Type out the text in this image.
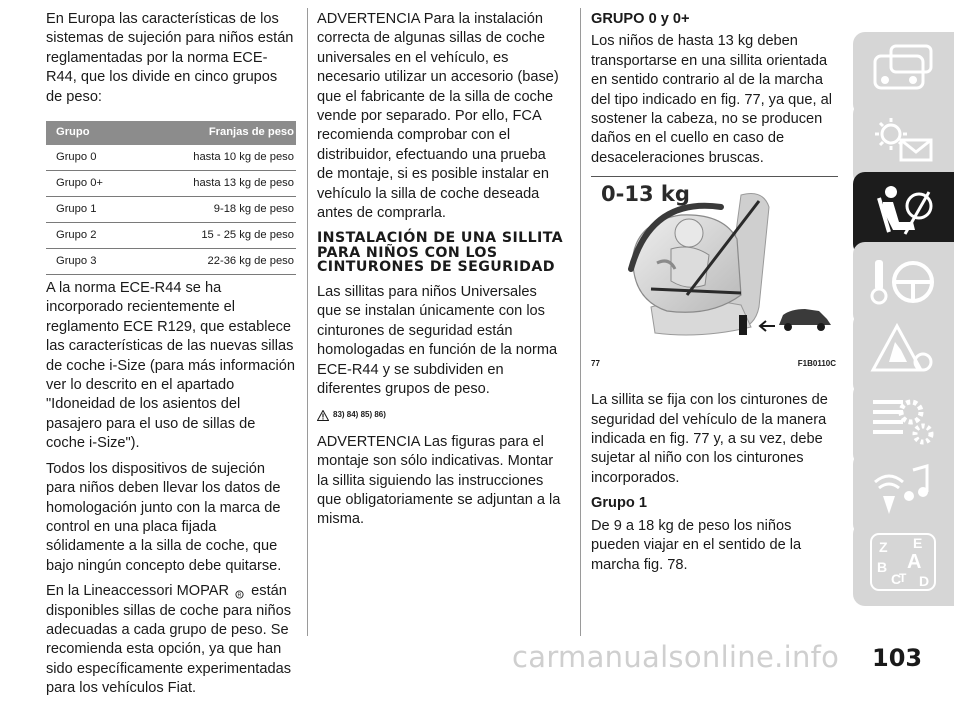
En Europa las características de los sistemas de sujeción para niños están reglamentadas por la norma ECE-R44, que los divide en cinco grupos de peso:

Grupo	Franjas de peso
Grupo 0	hasta 10 kg de peso
Grupo 0+	hasta 13 kg de peso
Grupo 1	9-18 kg de peso
Grupo 2	15 - 25 kg de peso
Grupo 3	22-36 kg de peso

A la norma ECE-R44 se ha incorporado recientemente el reglamento ECE R129, que establece las características de las nuevas sillas de coche i-Size (para más información ver lo descrito en el apartado "Idoneidad de los asientos del pasajero para el uso de sillas de coche i-Size").

Todos los dispositivos de sujeción para niños deben llevar los datos de homologación junto con la marca de control en una placa fijada sólidamente a la silla de coche, que bajo ningún concepto debe quitarse.

En la Lineaccessori MOPAR R están disponibles sillas de coche para niños adecuadas a cada grupo de peso. Se recomienda esta opción, ya que han sido específicamente experimentadas para los vehículos Fiat.

ADVERTENCIA Para la instalación correcta de algunas sillas de coche universales en el vehículo, es necesario utilizar un accesorio (base) que el fabricante de la silla de coche vende por separado. Por ello, FCA recomienda comprobar con el distribuidor, efectuando una prueba de montaje, si es posible instalar en vehículo la silla de coche deseada antes de comprarla.

INSTALACIÓN DE UNA SILLITA PARA NIÑOS CON LOS CINTURONES DE SEGURIDAD

Las sillitas para niños Universales que se instalan únicamente con los cinturones de seguridad están homologadas en función de la norma ECE-R44 y se subdividen en diferentes grupos de peso.

83) 84) 85) 86)

ADVERTENCIA Las figuras para el montaje son sólo indicativas. Montar la sillita siguiendo las instrucciones que obligatoriamente se adjuntan a la misma.

GRUPO 0 y 0+

Los niños de hasta 13 kg deben transportarse en una sillita orientada en sentido contrario al de la marcha del tipo indicado en fig. 77, ya que, al sostener la cabeza, no se producen daños en el cuello en caso de desaceleraciones bruscas.

0-13 kg
77	F1B0110C

La sillita se fija con los cinturones de seguridad del vehículo de la manera indicada en fig. 77 y, a su vez, debe sujetar al niño con los cinturones incorporados.

Grupo 1

De 9 a 18 kg de peso los niños pueden viajar en el sentido de la marcha fig. 78.

Z E
B A
C
T D
103
carmanualsonline.info
